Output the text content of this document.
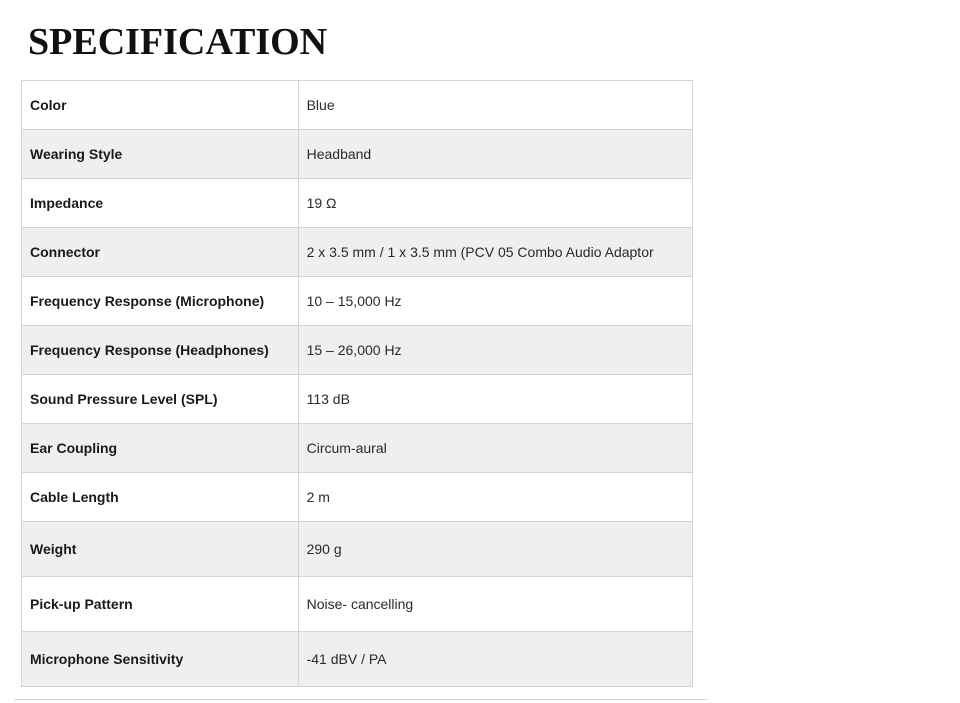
SPECIFICATION
Color	Blue
Wearing Style	Headband
Impedance	19 Ω
Connector	2 x 3.5 mm / 1 x 3.5 mm (PCV 05 Combo Audio Adaptor
Frequency Response (Microphone)	10 – 15,000 Hz
Frequency Response (Headphones)	15 – 26,000 Hz
Sound Pressure Level (SPL)	113 dB
Ear Coupling	Circum-aural
Cable Length	2 m
Weight	290 g
Pick-up Pattern	Noise- cancelling
Microphone Sensitivity	-41 dBV / PA
